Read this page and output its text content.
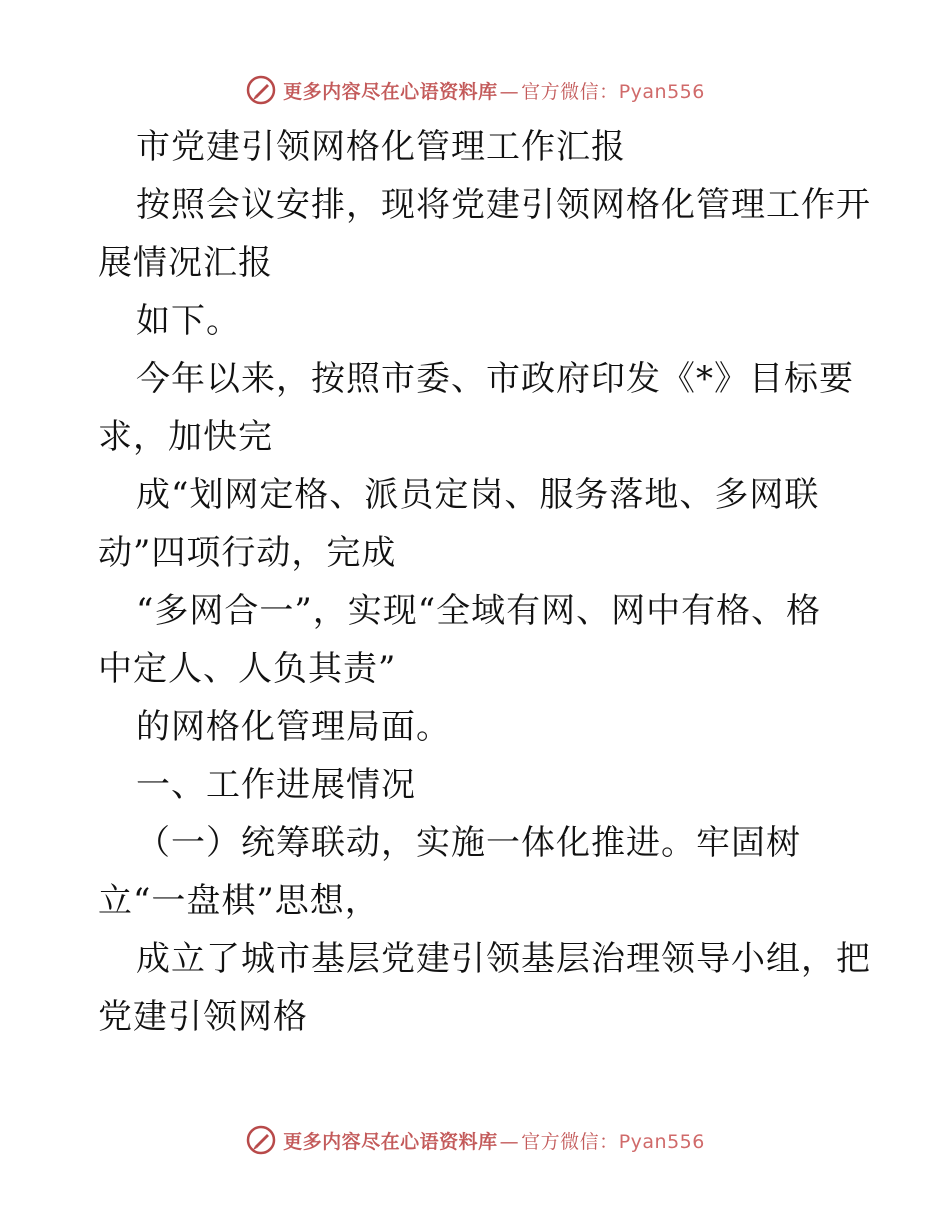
更多内容尽在心语资料库 — 官方微信：Pyan556
市党建引领网格化管理工作汇报
按照会议安排，现将党建引领网格化管理工作开
展情况汇报
如下。
今年以来，按照市委、市政府印发《*》目标要
求，加快完
成“划网定格、派员定岗、服务落地、多网联
动”四项行动，完成
“多网合一”，实现“全域有网、网中有格、格
中定人、人负其责”
的网格化管理局面。
一、工作进展情况
（一）统筹联动，实施一体化推进。牢固树
立“一盘棋”思想，
成立了城市基层党建引领基层治理领导小组，把
党建引领网格
更多内容尽在心语资料库 — 官方微信：Pyan556
